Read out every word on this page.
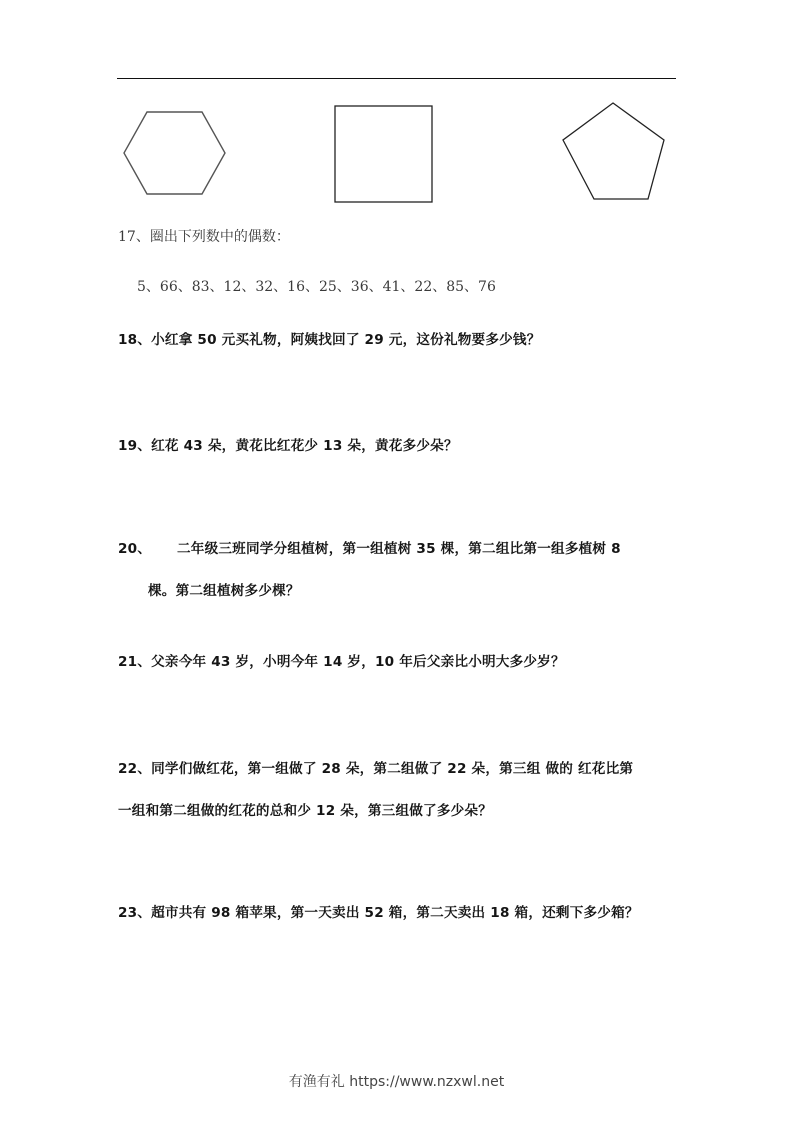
17、圈出下列数中的偶数：
5、66、83、12、32、16、25、36、41、22、85、76
18、小红拿 50 元买礼物，阿姨找回了 29 元，这份礼物要多少钱？
19、红花 43 朵，黄花比红花少 13 朵，黄花多少朵？
20、 二年级三班同学分组植树，第一组植树 35 棵，第二组比第一组多植树 8
棵。第二组植树多少棵？
21、父亲今年 43 岁，小明今年 14 岁，10 年后父亲比小明大多少岁？
22、同学们做红花，第一组做了 28 朵，第二组做了 22 朵，第三组 做的 红花比第
一组和第二组做的红花的总和少 12 朵，第三组做了多少朵？
23、超市共有 98 箱苹果，第一天卖出 52 箱，第二天卖出 18 箱，还剩下多少箱？
有渔有礼 https://www.nzxwl.net
